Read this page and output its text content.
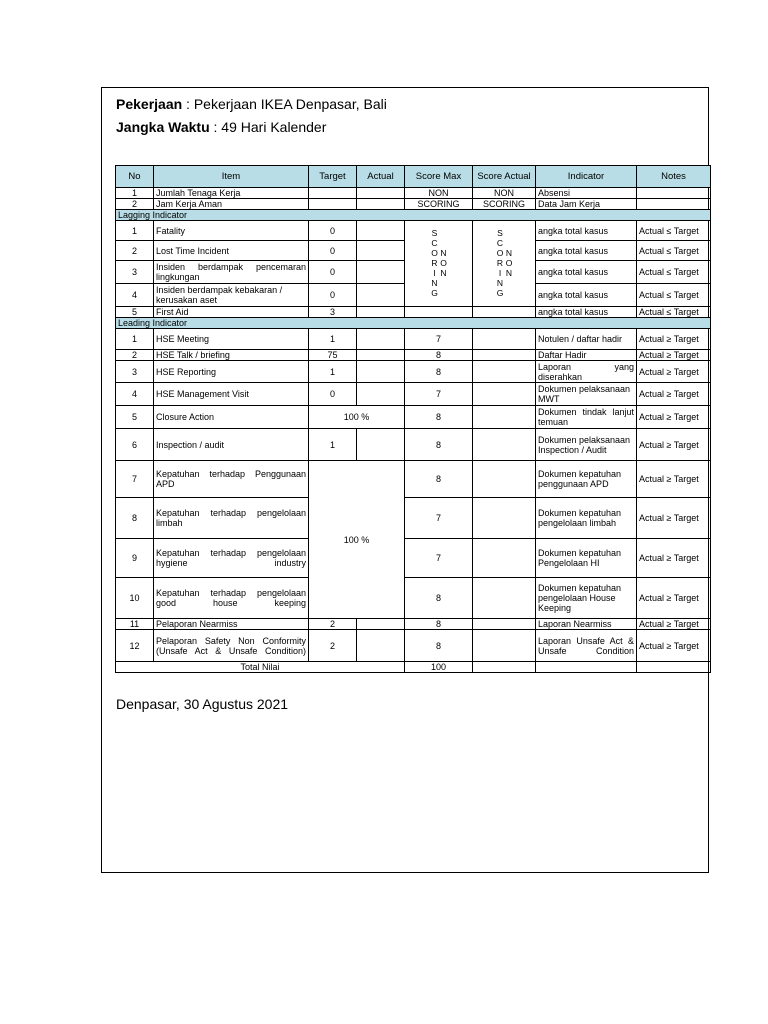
Pekerjaan : Pekerjaan IKEA Denpasar, Bali
Jangka Waktu : 49 Hari Kalender
Denpasar, 30 Agustus 2021
No	Item	Target	Actual	Score Max	Score Actual	Indicator	Notes
1	Jumlah Tenaga Kerja			NON	NON	Absensi	
2	Jam Kerja Aman			SCORING	SCORING	Data Jam Kerja	
Lagging Indicator							
1	Fatality	0		NON SCORING	NON SCORING	angka total kasus	Actual ≤ Target
2	Lost Time Incident	0				angka total kasus	Actual ≤ Target
3	Insiden berdampak pencemaran lingkungan	0				angka total kasus	Actual ≤ Target
4	Insiden berdampak kebakaran / kerusakan aset	0				angka total kasus	Actual ≤ Target
5	First Aid	3				angka total kasus	Actual ≤ Target
Leading Indicator							
1	HSE Meeting	1		7		Notulen / daftar hadir	Actual ≥ Target
2	HSE Talk / briefing	75		8		Daftar Hadir	Actual ≥ Target
3	HSE Reporting	1		8		Laporan yang diserahkan	Actual ≥ Target
4	HSE Management Visit	0		7		Dokumen pelaksanaan MWT	Actual ≥ Target
5	Closure Action	100 %		8		Dokumen tindak lanjut temuan	Actual ≥ Target
6	Inspection / audit	1		8		Dokumen pelaksanaan Inspection / Audit	Actual ≥ Target
7	Kepatuhan terhadap Penggunaan APD	100 %		8		Dokumen kepatuhan penggunaan APD	Actual ≥ Target
8	Kepatuhan terhadap pengelolaan limbah			7		Dokumen kepatuhan pengelolaan limbah	Actual ≥ Target
9	Kepatuhan terhadap pengelolaan hygiene industry			7		Dokumen kepatuhan Pengelolaan HI	Actual ≥ Target
10	Kepatuhan terhadap pengelolaan good house keeping			8		Dokumen kepatuhan pengelolaan House Keeping	Actual ≥ Target
11	Pelaporan Nearmiss	2		8		Laporan Nearmiss	Actual ≥ Target
12	Pelaporan Safety Non Conformity (Unsafe Act & Unsafe Condition)	2		8		Laporan Unsafe Act & Unsafe Condition	Actual ≥ Target
Total Nilai				100			
